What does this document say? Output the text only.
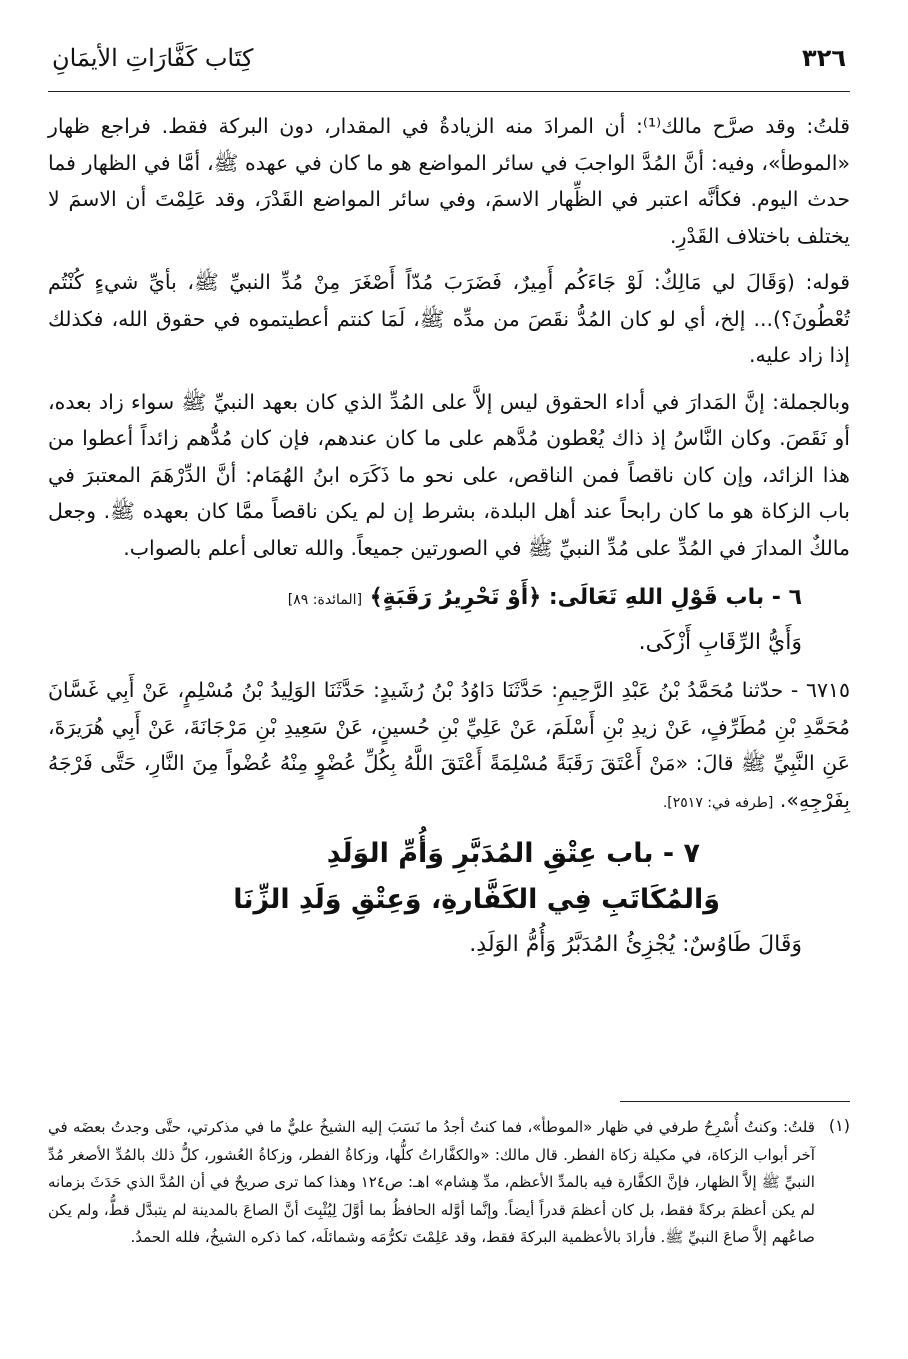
٣٢٦
كِتَاب كَفَّارَاتِ الأيمَانِ

قلتُ: وقد صرَّح مالك⁽¹⁾: أن المرادَ منه الزيادةُ في المقدار، دون البركة فقط. فراجع ظهار «الموطأ»، وفيه: أنَّ المُدَّ الواجبَ في سائر المواضع هو ما كان في عهده ﷺ، أمَّا في الظهار فما حدث اليوم. فكأنَّه اعتبر في الظِّهار الاسمَ، وفي سائر المواضع القَدْرَ، وقد عَلِمْتَ أن الاسمَ لا يختلف باختلاف القَدْرِ.

قوله: (وَقَالَ لي مَالِكٌ: لَوْ جَاءَكُم أَمِيرٌ، فَضَرَبَ مُدّاً أَصْغَرَ مِنْ مُدِّ النبيِّ ﷺ، بأيِّ شيءٍ كُنْتُم تُعْطُونَ؟)... إلخ، أي لو كان المُدُّ نقَصَ من مدِّه ﷺ، لَمَا كنتم أعطيتموه في حقوق الله، فكذلك إذا زاد عليه.

وبالجملة: إنَّ المَدارَ في أداء الحقوق ليس إلاَّ على المُدِّ الذي كان بعهد النبيِّ ﷺ سواء زاد بعده، أو نَقَصَ. وكان النَّاسُ إذ ذاك يُعْطون مُدَّهم على ما كان عندهم، فإن كان مُدُّهم زائداً أعطوا من هذا الزائد، وإن كان ناقصاً فمن الناقص، على نحو ما ذَكَرَه ابنُ الهُمَام: أنَّ الدِّرْهَمَ المعتبرَ في باب الزكاة هو ما كان رابحاً عند أهل البلدة، بشرط إن لم يكن ناقصاً ممَّا كان بعهده ﷺ. وجعل مالكٌ المدارَ في المُدِّ على مُدِّ النبيِّ ﷺ في الصورتين جميعاً. والله تعالى أعلم بالصواب.

٦ - باب قَوْلِ اللهِ تَعَالَى: ﴿أَوْ تَحْرِيرُ رَقَبَةٍ﴾ [المائدة: ٨٩]
وَأَيُّ الرِّقَابِ أَزْكَى.

٦٧١٥ - حدّثنا مُحَمَّدُ بْنُ عَبْدِ الرَّحِيمِ: حَدَّثَنَا دَاوُدُ بْنُ رُشَيدٍ: حَدَّثَنَا الوَلِيدُ بْنُ مُسْلِمٍ، عَنْ أَبِي غَسَّانَ مُحَمَّدِ بْنِ مُطَرِّفٍ، عَنْ زيدِ بْنِ أَسْلَمَ، عَنْ عَلِيِّ بْنِ حُسينٍ، عَنْ سَعِيدِ بْنِ مَرْجَانَةَ، عَنْ أَبِي هُرَيرَةَ، عَنِ النَّبِيِّ ﷺ قالَ: «مَنْ أَعْتَقَ رَقَبَةً مُسْلِمَةً أَعْتَقَ اللَّهُ بِكُلِّ عُضْوٍ مِنْهُ عُضْواً مِنَ النَّارِ، حَتَّى فَرْجَهُ بِفَرْجِهِ». [طرفه في: ٢٥١٧].

٧ - باب عِتْقِ المُدَبَّرِ وَأُمِّ الوَلَدِ
وَالمُكَاتَبِ فِي الكَفَّارةِ، وَعِتْقِ وَلَدِ الزِّنَا
وَقَالَ طَاوُسٌ: يُجْزِئُ المُدَبَّرُ وَأُمُّ الوَلَدِ.
(١)

قلتُ: وكنتُ أُسْرِحُ طرفي في ظهار «الموطأ»، فما كنتُ أجدُ ما نَسَبَ إليه الشيخُ عليٌّ ما في مذكرتي، حتَّى وجدتُ بعضَه في آخر أبواب الزكاة، في مكيلة زكاة الفطر. قال مالك: «والكفَّاراتُ كلُّها، وزكاةُ الفطر، وزكاةُ العُشور، كلُّ ذلك بالمُدِّ الأصغر مُدِّ النبيِّ ﷺ إلاَّ الظهار، فإنَّ الكفَّارة فيه بالمدِّ الأعظم، مدِّ هِشام» اهـ: ص١٢٤ وهذا كما ترى صريحٌ في أن المُدَّ الذي حَدَثَ بزمانه لم يكن أعظمَ بركةً فقط، بل كان أعظمَ قدراً أيضاً. وإنَّما أوَّله الحافظُ بما أوَّلَ لِيُثْبِتَ أنَّ الصاعَ بالمدينة لم يتبدَّل قطُّ، ولم يكن صاعُهم إلاَّ صاعَ النبيِّ ﷺ. فأرادَ بالأعظمية البركةَ فقط، وقد عَلِمْتَ تكرُّمَه وشمائلَه، كما ذكره الشيخُ، فلله الحمدُ.
